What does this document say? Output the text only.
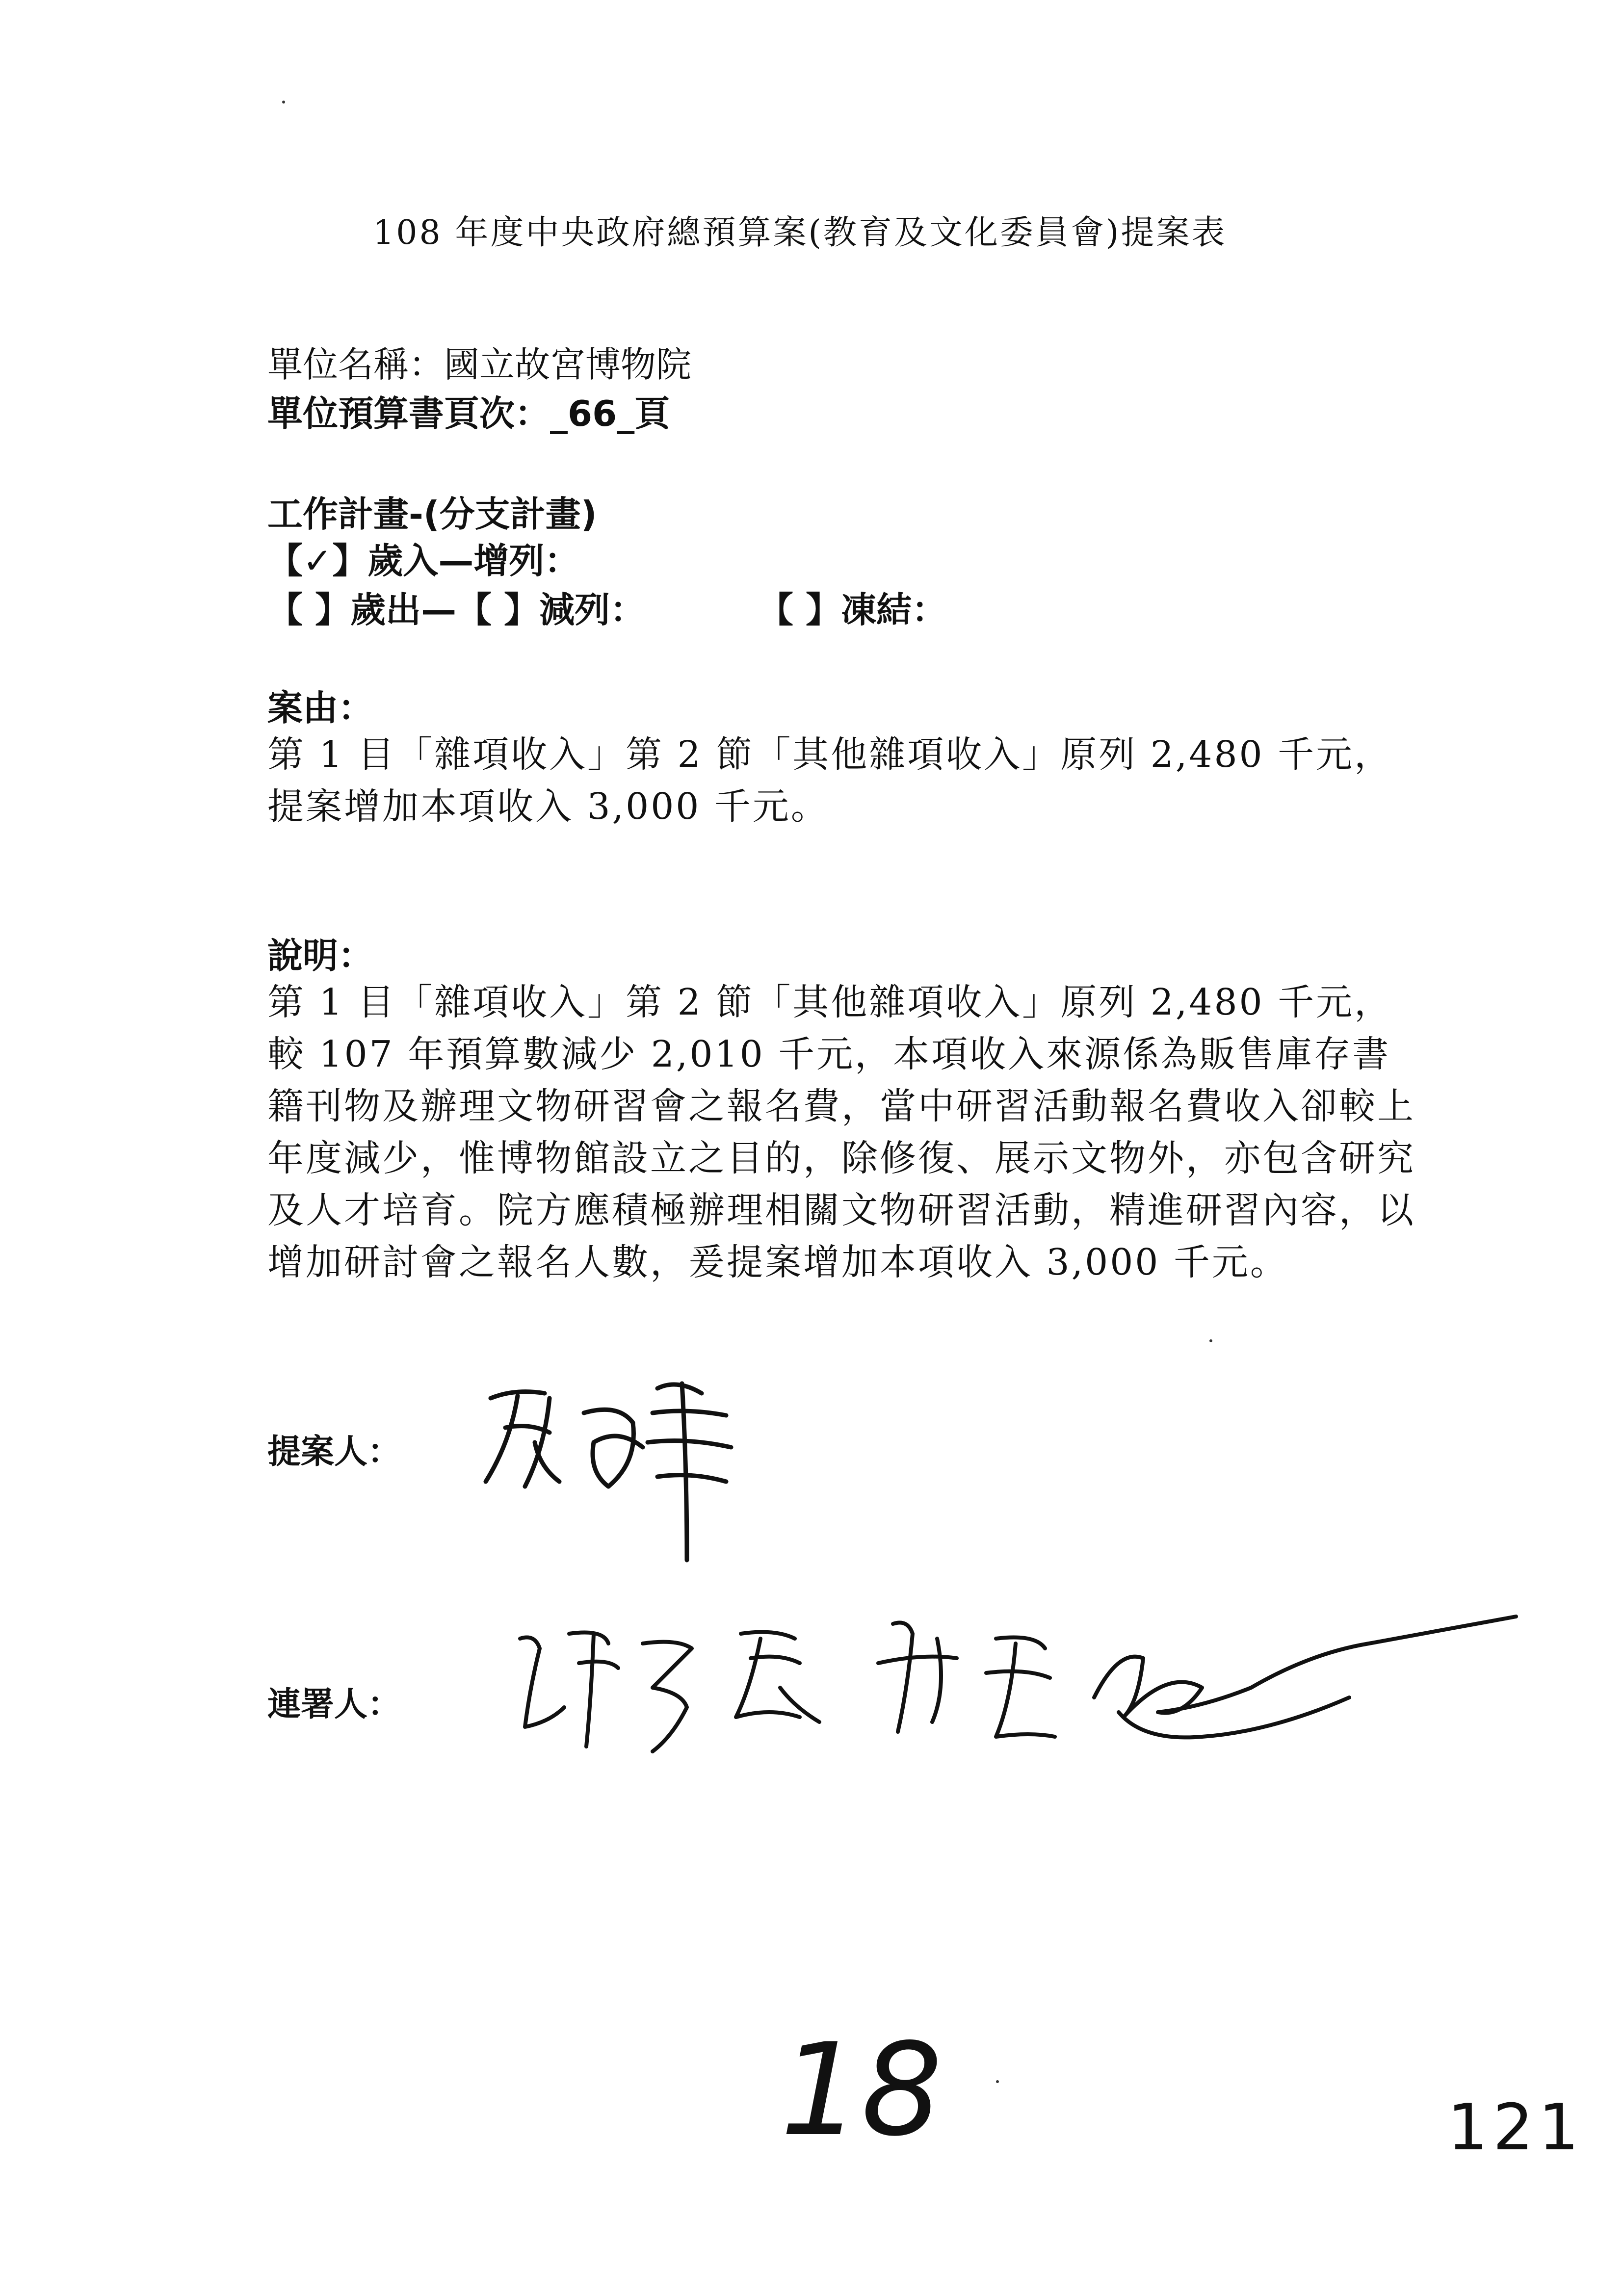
108 年度中央政府總預算案(教育及文化委員會)提案表
單位名稱：國立故宮博物院
單位預算書頁次：_66_頁
工作計畫-(分支計畫)
【✓】歲入—增列：
【 】歲出—【 】減列：	【 】凍結：
案由：
第 1 目「雜項收入」第 2 節「其他雜項收入」原列 2,480 千元，提案增加本項收入 3,000 千元。
說明：
第 1 目「雜項收入」第 2 節「其他雜項收入」原列 2,480 千元，較 107 年預算數減少 2,010 千元，本項收入來源係為販售庫存書籍刊物及辦理文物研習會之報名費，當中研習活動報名費收入卻較上年度減少，惟博物館設立之目的，除修復、展示文物外，亦包含研究及人才培育。院方應積極辦理相關文物研習活動，精進研習內容，以增加研討會之報名人數，爰提案增加本項收入 3,000 千元。
提案人：
連署人：
18	121
